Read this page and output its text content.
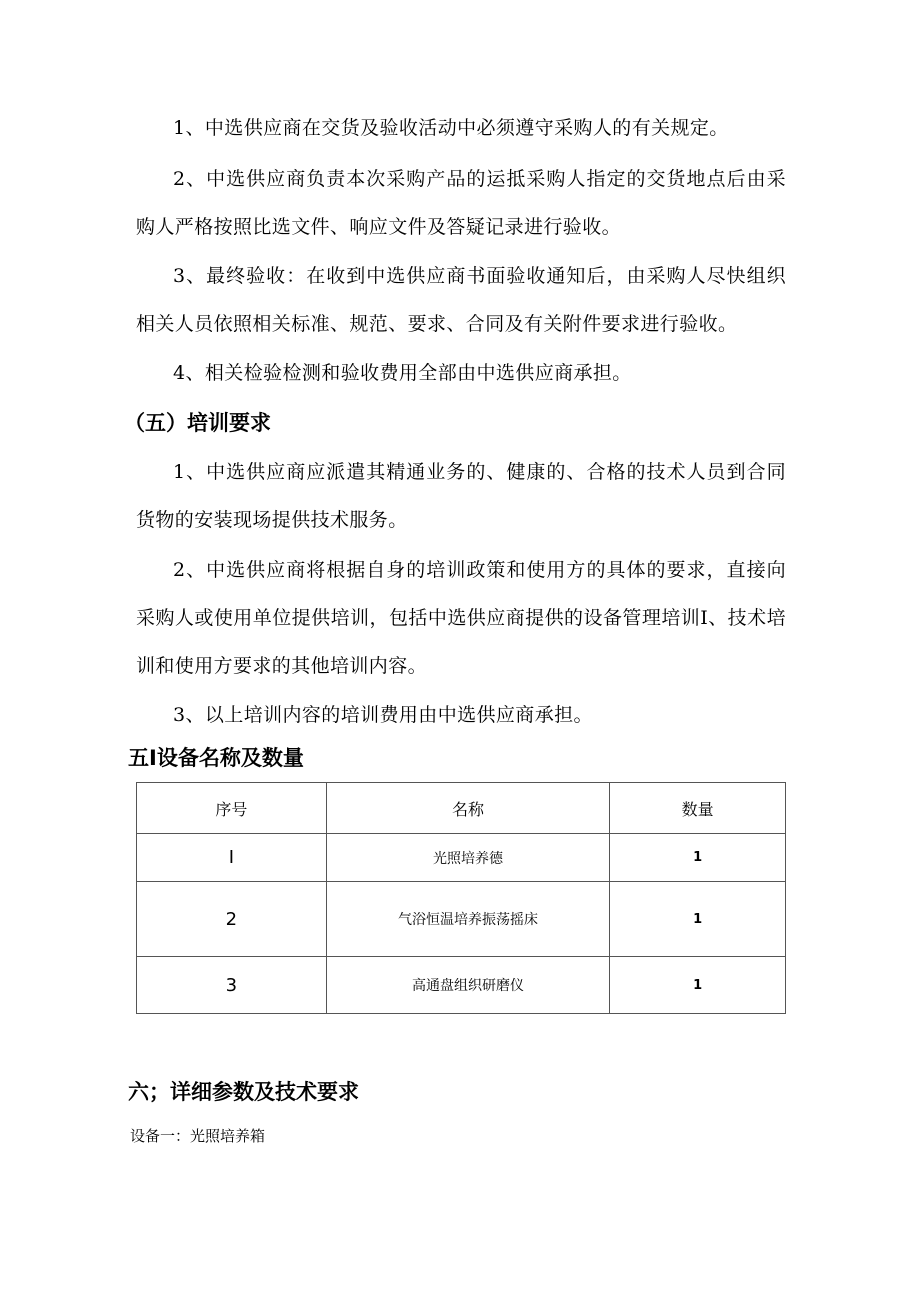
1、中选供应商在交货及验收活动中必须遵守采购人的有关规定。

2、中选供应商负责本次采购产品的运抵采购人指定的交货地点后由采购人严格按照比选文件、响应文件及答疑记录进行验收。

3、最终验收：在收到中选供应商书面验收通知后，由采购人尽快组织相关人员依照相关标准、规范、要求、合同及有关附件要求进行验收。

4、相关检验检测和验收费用全部由中选供应商承担。

（五）培训要求

1、中选供应商应派遣其精通业务的、健康的、合格的技术人员到合同货物的安装现场提供技术服务。

2、中选供应商将根据自身的培训政策和使用方的具体的要求，直接向采购人或使用单位提供培训，包括中选供应商提供的设备管理培训I、技术培训和使用方要求的其他培训内容。

3、以上培训内容的培训费用由中选供应商承担。

五I设备名称及数量
序号	名称	数量
I	光照培养德	1
2	气浴恒温培养振荡摇床	1
3	高通盘组织研磨仪	1
六；详细参数及技术要求

设备一：光照培养箱
